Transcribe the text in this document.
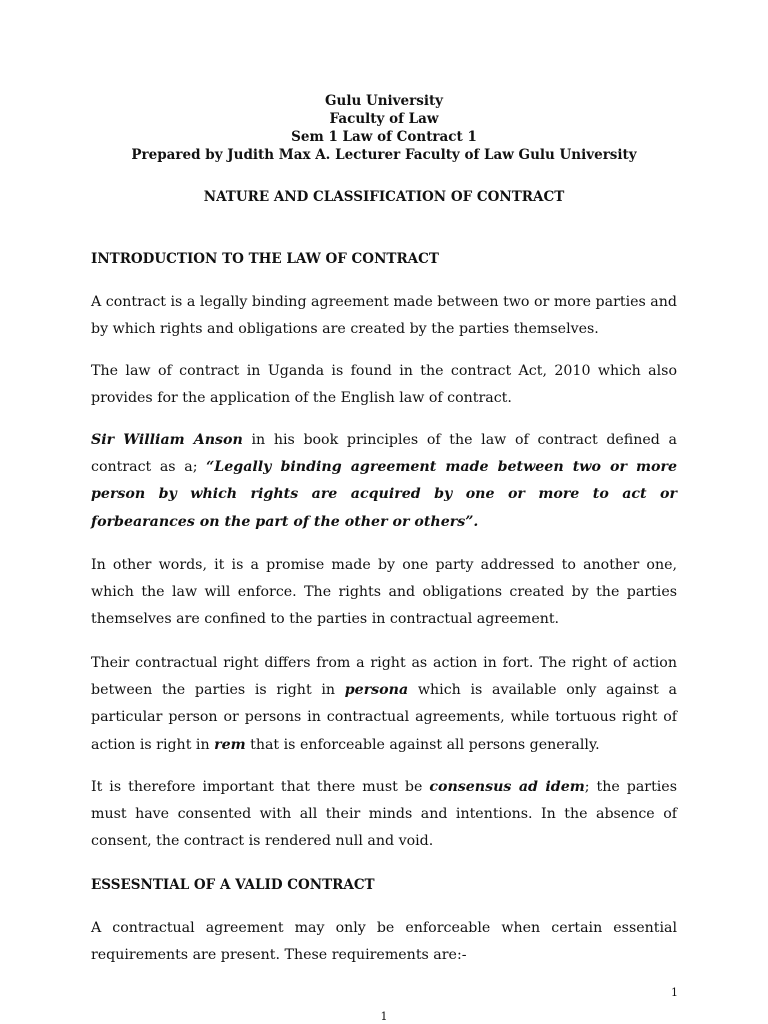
Gulu University
Faculty of Law
Sem 1 Law of Contract 1
Prepared by Judith Max A. Lecturer Faculty of Law Gulu University
NATURE AND CLASSIFICATION OF CONTRACT
INTRODUCTION TO THE LAW OF CONTRACT
A contract is a legally binding agreement made between two or more parties and by which rights and obligations are created by the parties themselves.
The law of contract in Uganda is found in the contract Act, 2010 which also provides for the application of the English law of contract.
Sir William Anson in his book principles of the law of contract defined a contract as a; “Legally binding agreement made between two or more person by which rights are acquired by one or more to act or forbearances on the part of the other or others”.
In other words, it is a promise made by one party addressed to another one, which the law will enforce. The rights and obligations created by the parties themselves are confined to the parties in contractual agreement.
Their contractual right differs from a right as action in fort. The right of action between the parties is right in persona which is available only against a particular person or persons in contractual agreements, while tortuous right of action is right in rem that is enforceable against all persons generally.
It is therefore important that there must be consensus ad idem; the parties must have consented with all their minds and intentions. In the absence of consent, the contract is rendered null and void.
ESSESNTIAL OF A VALID CONTRACT
A contractual agreement may only be enforceable when certain essential requirements are present. These requirements are:-
1
1
